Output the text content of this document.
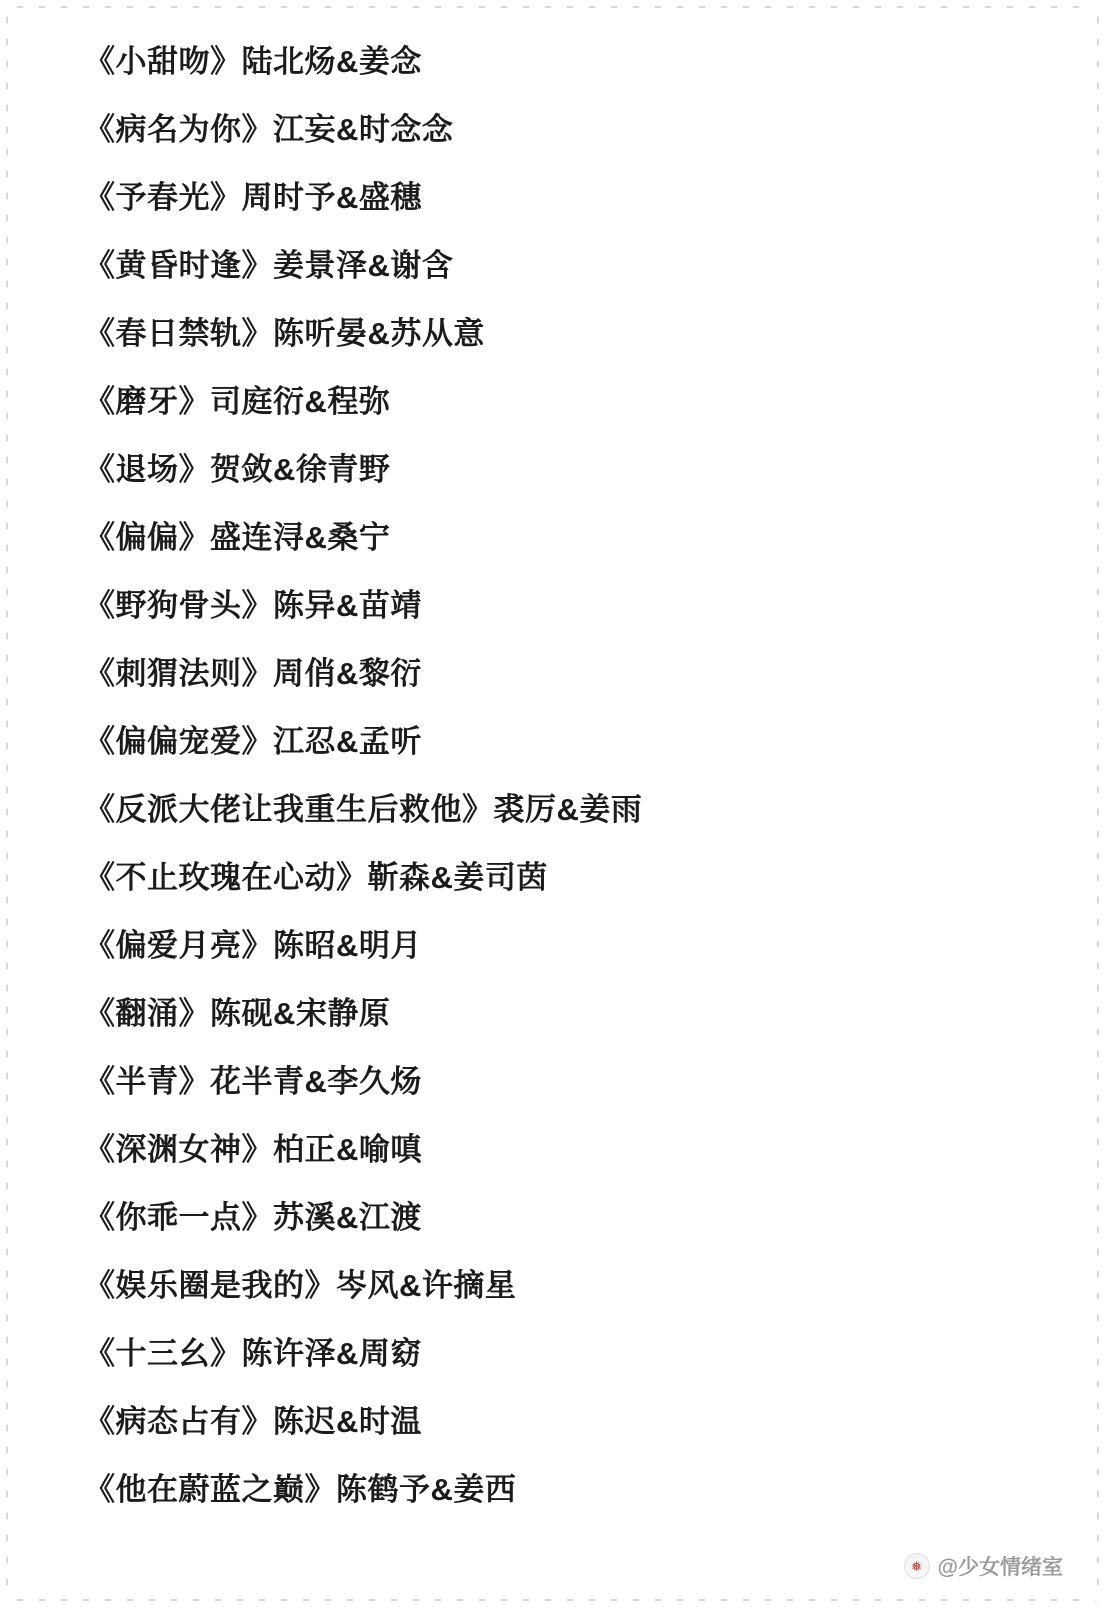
《小甜吻》陆北炀&姜念
《病名为你》江妄&时念念
《予春光》周时予&盛穗
《黄昏时逢》姜景泽&谢含
《春日禁轨》陈听晏&苏从意
《磨牙》司庭衍&程弥
《退场》贺敛&徐青野
《偏偏》盛连浔&桑宁
《野狗骨头》陈异&苗靖
《刺猬法则》周俏&黎衍
《偏偏宠爱》江忍&孟听
《反派大佬让我重生后救他》裘厉&姜雨
《不止玫瑰在心动》靳森&姜司茵
《偏爱月亮》陈昭&明月
《翻涌》陈砚&宋静原
《半青》花半青&李久炀
《深渊女神》柏正&喻嗔
《你乖一点》苏溪&江渡
《娱乐圈是我的》岑风&许摘星
《十三幺》陈许泽&周窈
《病态占有》陈迟&时温
《他在蔚蓝之巅》陈鹤予&姜西
❅ @少女情绪室
